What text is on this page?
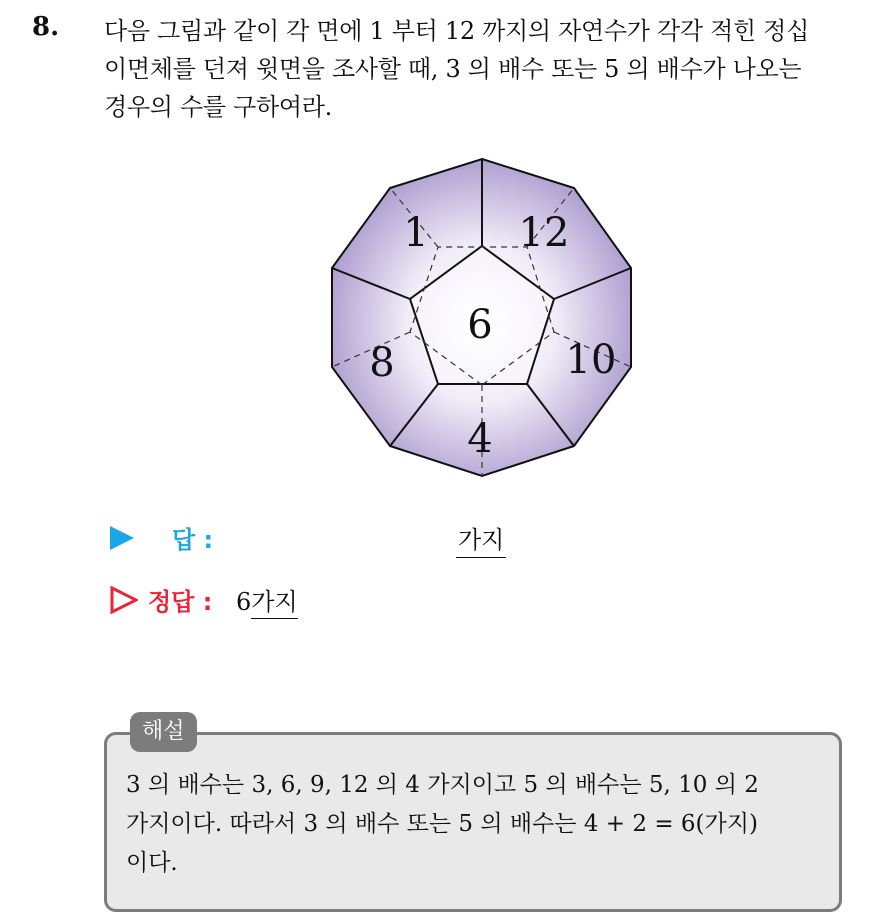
8. 다음 그림과 같이 각 면에 1 부터 12 까지의 자연수가 각각 적힌 정십
이면체를 던져 윗면을 조사할 때, 3 의 배수 또는 5 의 배수가 나오는
경우의 수를 구하여라.
1 12
6
8	10
4
답 :	가지
정답 : 6가지
해설
3 의 배수는 3, 6, 9, 12 의 4 가지이고 5 의 배수는 5, 10 의 2
가지이다. 따라서 3 의 배수 또는 5 의 배수는 4 + 2 = 6(가지)
이다.
